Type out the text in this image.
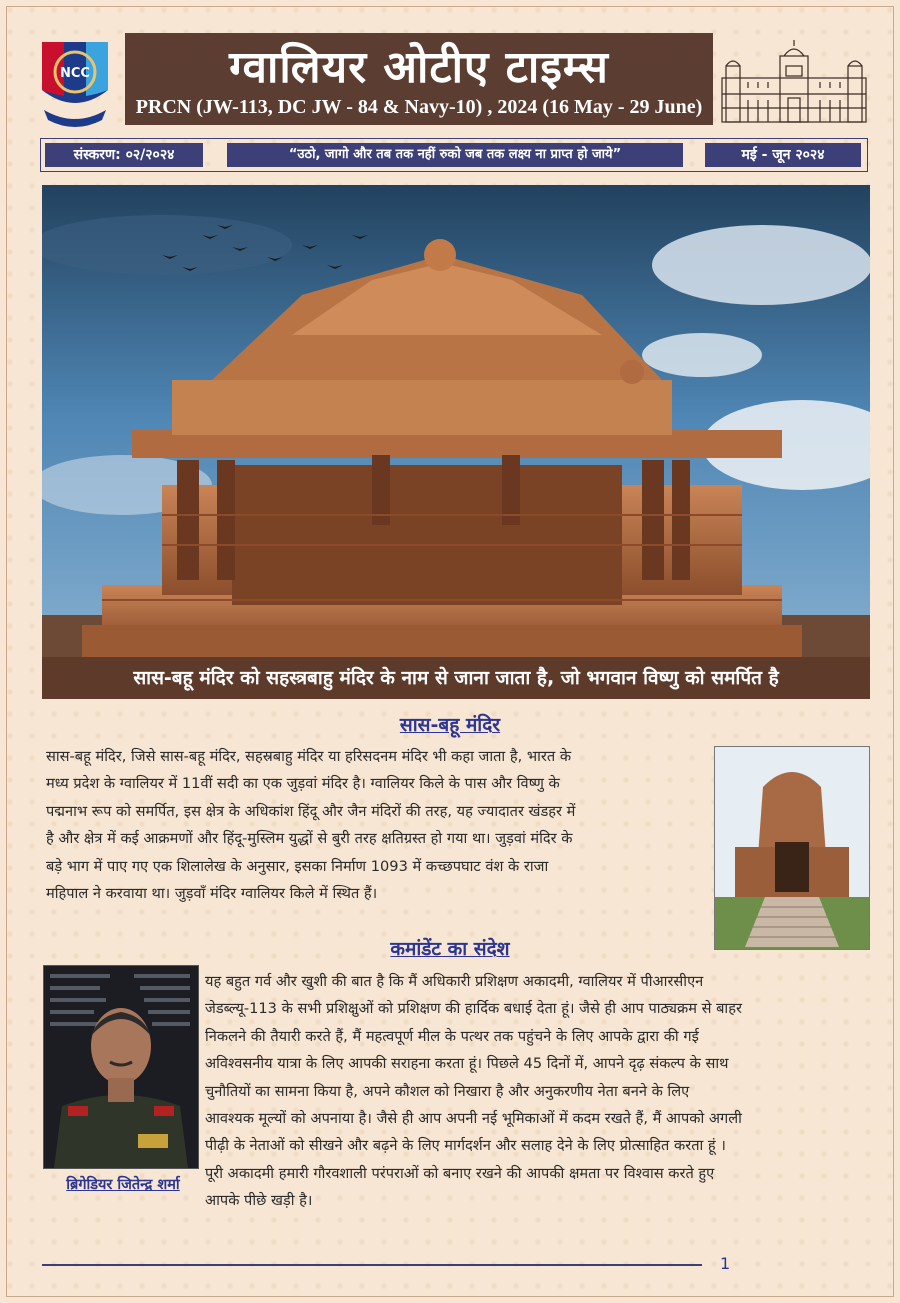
NCC	ग्वालियर ओटीए टाइम्स
PRCN (JW-113, DC JW - 84 & Navy-10) , 2024 (16 May - 29 June)
संस्करण: ०२/२०२४	“उठो, जागो और तब तक नहीं रुको जब तक लक्ष्य ना प्राप्त हो जाये”	मई - जून २०२४
सास-बहू मंदिर को सहस्त्रबाहु मंदिर के नाम से जाना जाता है, जो भगवान विष्णु को समर्पित है
सास-बहू मंदिर
सास-बहू मंदिर, जिसे सास-बहू मंदिर, सहस्रबाहु मंदिर या हरिसदनम मंदिर भी कहा जाता है, भारत के
मध्य प्रदेश के ग्वालियर में 11वीं सदी का एक जुड़वां मंदिर है। ग्वालियर किले के पास और विष्णु के
पद्मनाभ रूप को समर्पित, इस क्षेत्र के अधिकांश हिंदू और जैन मंदिरों की तरह, यह ज्यादातर खंडहर में
है और क्षेत्र में कई आक्रमणों और हिंदू-मुस्लिम युद्धों से बुरी तरह क्षतिग्रस्त हो गया था। जुड़वां मंदिर के
बड़े भाग में पाए गए एक शिलालेख के अनुसार, इसका निर्माण 1093 में कच्छपघाट वंश के राजा
महिपाल ने करवाया था। जुड़वाँ मंदिर ग्वालियर किले में स्थित हैं।
कमांडेंट का संदेश
ब्रिगेडियर जितेन्द्र शर्मा
यह बहुत गर्व और खुशी की बात है कि मैं अधिकारी प्रशिक्षण अकादमी, ग्वालियर में पीआरसीएन
जेडब्ल्यू-113 के सभी प्रशिक्षुओं को प्रशिक्षण की हार्दिक बधाई देता हूं। जैसे ही आप पाठ्यक्रम से बाहर
निकलने की तैयारी करते हैं, मैं महत्वपूर्ण मील के पत्थर तक पहुंचने के लिए आपके द्वारा की गई
अविश्वसनीय यात्रा के लिए आपकी सराहना करता हूं। पिछले 45 दिनों में, आपने दृढ़ संकल्प के साथ
चुनौतियों का सामना किया है, अपने कौशल को निखारा है और अनुकरणीय नेता बनने के लिए
आवश्यक मूल्यों को अपनाया है। जैसे ही आप अपनी नई भूमिकाओं में कदम रखते हैं, मैं आपको अगली
पीढ़ी के नेताओं को सीखने और बढ़ने के लिए मार्गदर्शन और सलाह देने के लिए प्रोत्साहित करता हूं ।
पूरी अकादमी हमारी गौरवशाली परंपराओं को बनाए रखने की आपकी क्षमता पर विश्वास करते हुए
आपके पीछे खड़ी है।
1
